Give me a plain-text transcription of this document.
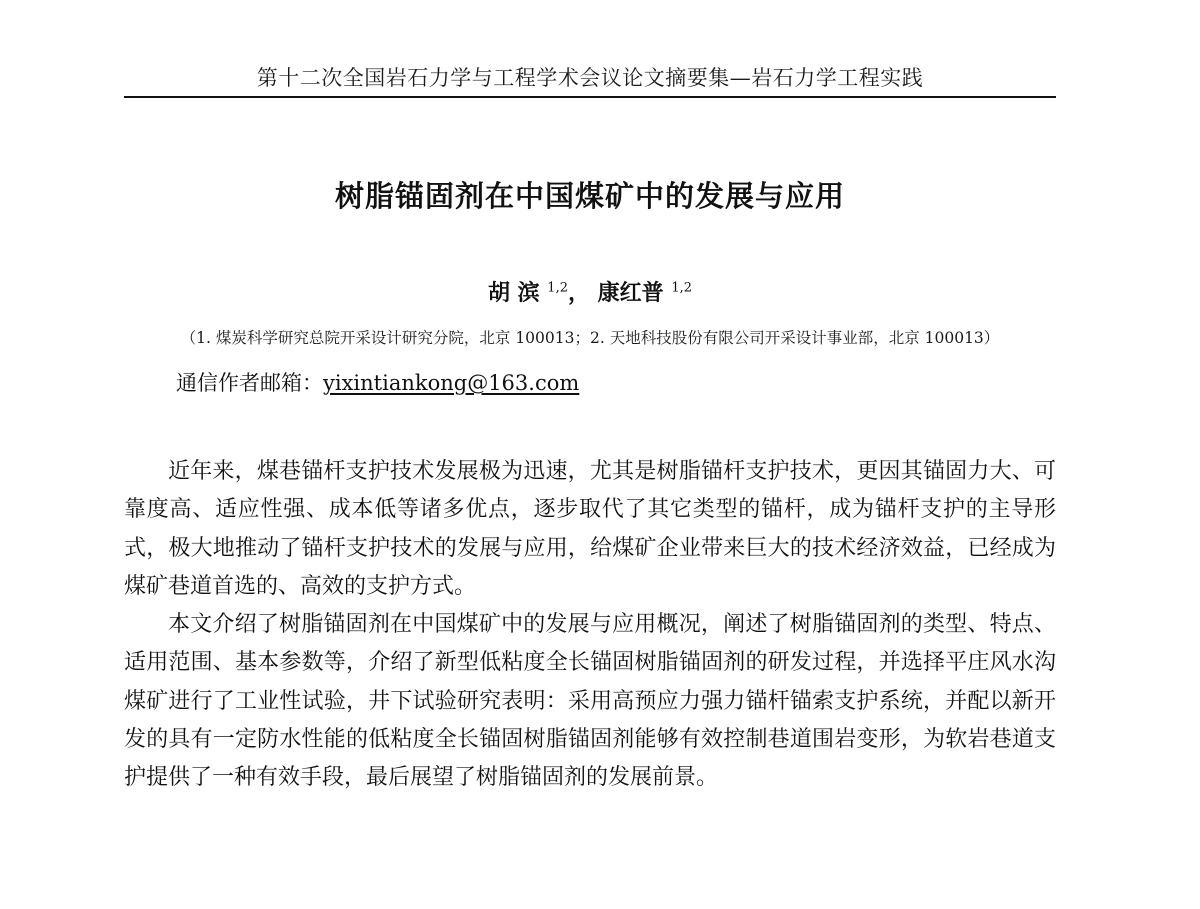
第十二次全国岩石力学与工程学术会议论文摘要集—岩石力学工程实践
树脂锚固剂在中国煤矿中的发展与应用
胡 滨 $^{1,2}$， 康红普 $^{1,2}$
（1. 煤炭科学研究总院开采设计研究分院，北京 100013；2. 天地科技股份有限公司开采设计事业部，北京 100013）
通信作者邮箱：yixintiankong@163.com

近年来，煤巷锚杆支护技术发展极为迅速，尤其是树脂锚杆支护技术，更因其锚固力大、可靠度高、适应性强、成本低等诸多优点，逐步取代了其它类型的锚杆，成为锚杆支护的主导形式，极大地推动了锚杆支护技术的发展与应用，给煤矿企业带来巨大的技术经济效益，已经成为煤矿巷道首选的、高效的支护方式。

本文介绍了树脂锚固剂在中国煤矿中的发展与应用概况，阐述了树脂锚固剂的类型、特点、适用范围、基本参数等，介绍了新型低粘度全长锚固树脂锚固剂的研发过程，并选择平庄风水沟煤矿进行了工业性试验，井下试验研究表明：采用高预应力强力锚杆锚索支护系统，并配以新开发的具有一定防水性能的低粘度全长锚固树脂锚固剂能够有效控制巷道围岩变形，为软岩巷道支护提供了一种有效手段，最后展望了树脂锚固剂的发展前景。
